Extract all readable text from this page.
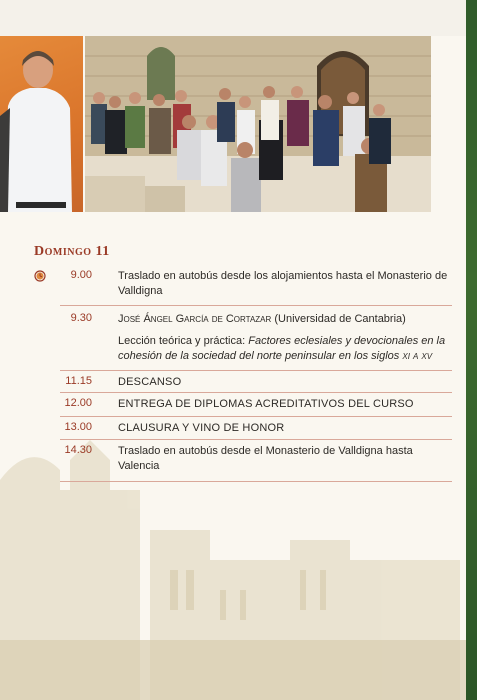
Domingo 11
9.00 Traslado en autobús desde los alojamientos hasta el Monasterio de Valldigna
9.30 José Ángel García de Cortazar (Universidad de Cantabria)
Lección teórica y práctica: Factores eclesiales y devocionales en la cohesión de la sociedad del norte peninsular en los siglos xi a xv
11.15 DESCANSO
12.00 ENTREGA DE DIPLOMAS ACREDITATIVOS DEL CURSO
13.00 CLAUSURA Y VINO DE HONOR
14.30 Traslado en autobús desde el Monasterio de Valldigna hasta Valencia
